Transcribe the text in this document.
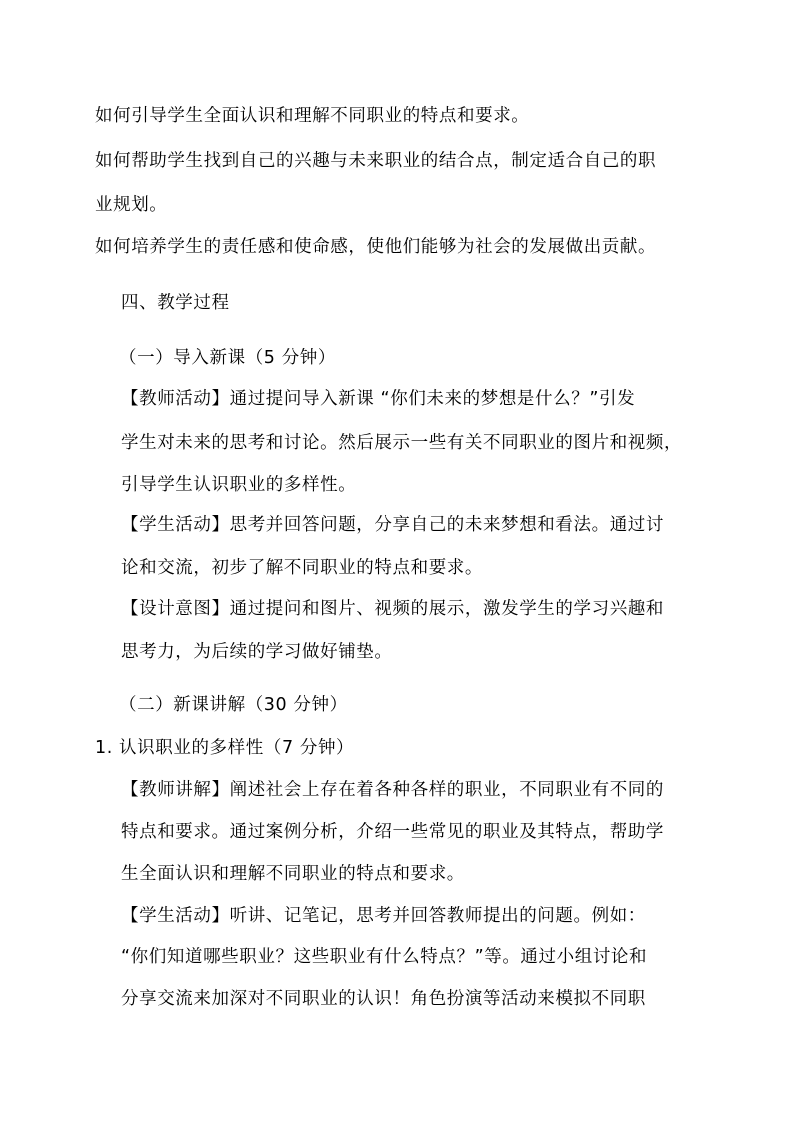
如何引导学生全面认识和理解不同职业的特点和要求。
如何帮助学生找到自己的兴趣与未来职业的结合点，制定适合自己的职
业规划。
如何培养学生的责任感和使命感，使他们能够为社会的发展做出贡献。
四、教学过程
（一）导入新课（5 分钟）
【教师活动】通过提问导入新课 “你们未来的梦想是什么？”引发
学生对未来的思考和讨论。然后展示一些有关不同职业的图片和视频，
引导学生认识职业的多样性。
【学生活动】思考并回答问题，分享自己的未来梦想和看法。通过讨
论和交流，初步了解不同职业的特点和要求。
【设计意图】通过提问和图片、视频的展示，激发学生的学习兴趣和
思考力，为后续的学习做好铺垫。
（二）新课讲解（30 分钟）
1. 认识职业的多样性（7 分钟）
【教师讲解】阐述社会上存在着各种各样的职业，不同职业有不同的
特点和要求。通过案例分析，介绍一些常见的职业及其特点，帮助学
生全面认识和理解不同职业的特点和要求。
【学生活动】听讲、记笔记，思考并回答教师提出的问题。例如：
“你们知道哪些职业？这些职业有什么特点？”等。通过小组讨论和
分享交流来加深对不同职业的认识！角色扮演等活动来模拟不同职
